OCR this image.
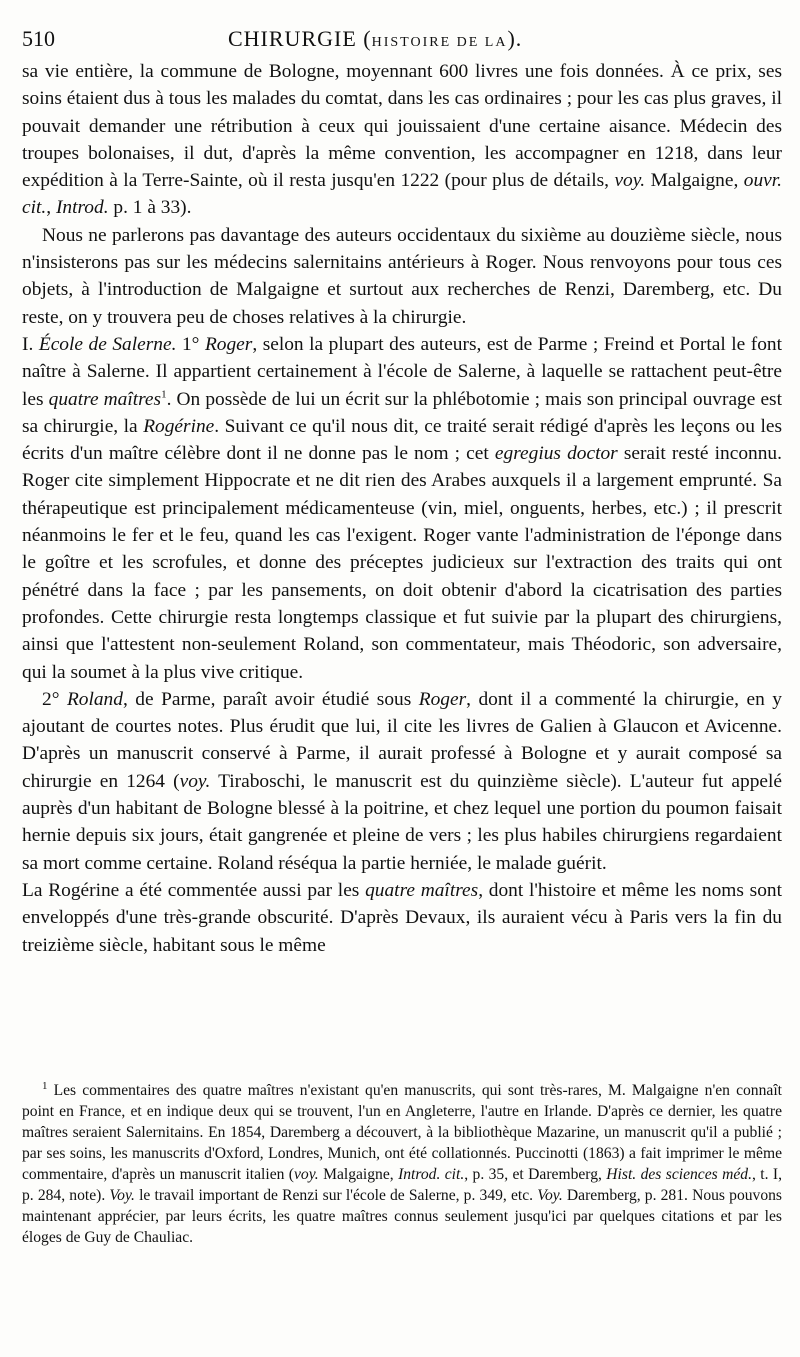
510	CHIRURGIE (HISTOIRE DE LA).

sa vie entière, la commune de Bologne, moyennant 600 livres une fois données. À ce prix, ses soins étaient dus à tous les malades du comtat, dans les cas ordinaires ; pour les cas plus graves, il pouvait demander une rétribution à ceux qui jouissaient d'une certaine aisance. Médecin des troupes bolonaises, il dut, d'après la même convention, les accompagner en 1218, dans leur expédition à la Terre-Sainte, où il resta jusqu'en 1222 (pour plus de détails, voy. Malgaigne, ouvr. cit., Introd. p. 1 à 33).

Nous ne parlerons pas davantage des auteurs occidentaux du sixième au douzième siècle, nous n'insisterons pas sur les médecins salernitains antérieurs à Roger. Nous renvoyons pour tous ces objets, à l'introduction de Malgaigne et surtout aux recherches de Renzi, Daremberg, etc. Du reste, on y trouvera peu de choses relatives à la chirurgie.

I. École de Salerne. 1° Roger, selon la plupart des auteurs, est de Parme ; Freind et Portal le font naître à Salerne. Il appartient certainement à l'école de Salerne, à laquelle se rattachent peut-être les quatre maîtres$^1$. On possède de lui un écrit sur la phlébotomie ; mais son principal ouvrage est sa chirurgie, la Rogérine. Suivant ce qu'il nous dit, ce traité serait rédigé d'après les leçons ou les écrits d'un maître célèbre dont il ne donne pas le nom ; cet egregius doctor serait resté inconnu. Roger cite simplement Hippocrate et ne dit rien des Arabes auxquels il a largement emprunté. Sa thérapeutique est principalement médicamenteuse (vin, miel, onguents, herbes, etc.) ; il prescrit néanmoins le fer et le feu, quand les cas l'exigent. Roger vante l'administration de l'éponge dans le goître et les scrofules, et donne des préceptes judicieux sur l'extraction des traits qui ont pénétré dans la face ; par les pansements, on doit obtenir d'abord la cicatrisation des parties profondes. Cette chirurgie resta longtemps classique et fut suivie par la plupart des chirurgiens, ainsi que l'attestent non-seulement Roland, son commentateur, mais Théodoric, son adversaire, qui la soumet à la plus vive critique.

2° Roland, de Parme, paraît avoir étudié sous Roger, dont il a commenté la chirurgie, en y ajoutant de courtes notes. Plus érudit que lui, il cite les livres de Galien à Glaucon et Avicenne. D'après un manuscrit conservé à Parme, il aurait professé à Bologne et y aurait composé sa chirurgie en 1264 (voy. Tiraboschi, le manuscrit est du quinzième siècle). L'auteur fut appelé auprès d'un habitant de Bologne blessé à la poitrine, et chez lequel une portion du poumon faisait hernie depuis six jours, était gangrenée et pleine de vers ; les plus habiles chirurgiens regardaient sa mort comme certaine. Roland réséqua la partie herniée, le malade guérit.

La Rogérine a été commentée aussi par les quatre maîtres, dont l'histoire et même les noms sont enveloppés d'une très-grande obscurité. D'après Devaux, ils auraient vécu à Paris vers la fin du treizième siècle, habitant sous le même

$^1$ Les commentaires des quatre maîtres n'existant qu'en manuscrits, qui sont très-rares, M. Malgaigne n'en connaît point en France, et en indique deux qui se trouvent, l'un en Angleterre, l'autre en Irlande. D'après ce dernier, les quatre maîtres seraient Salernitains. En 1854, Daremberg a découvert, à la bibliothèque Mazarine, un manuscrit qu'il a publié ; par ses soins, les manuscrits d'Oxford, Londres, Munich, ont été collationnés. Puccinotti (1863) a fait imprimer le même commentaire, d'après un manuscrit italien (voy. Malgaigne, Introd. cit., p. 35, et Daremberg, Hist. des sciences méd., t. I, p. 284, note). Voy. le travail important de Renzi sur l'école de Salerne, p. 349, etc. Voy. Daremberg, p. 281. Nous pouvons maintenant apprécier, par leurs écrits, les quatre maîtres connus seulement jusqu'ici par quelques citations et par les éloges de Guy de Chauliac.
